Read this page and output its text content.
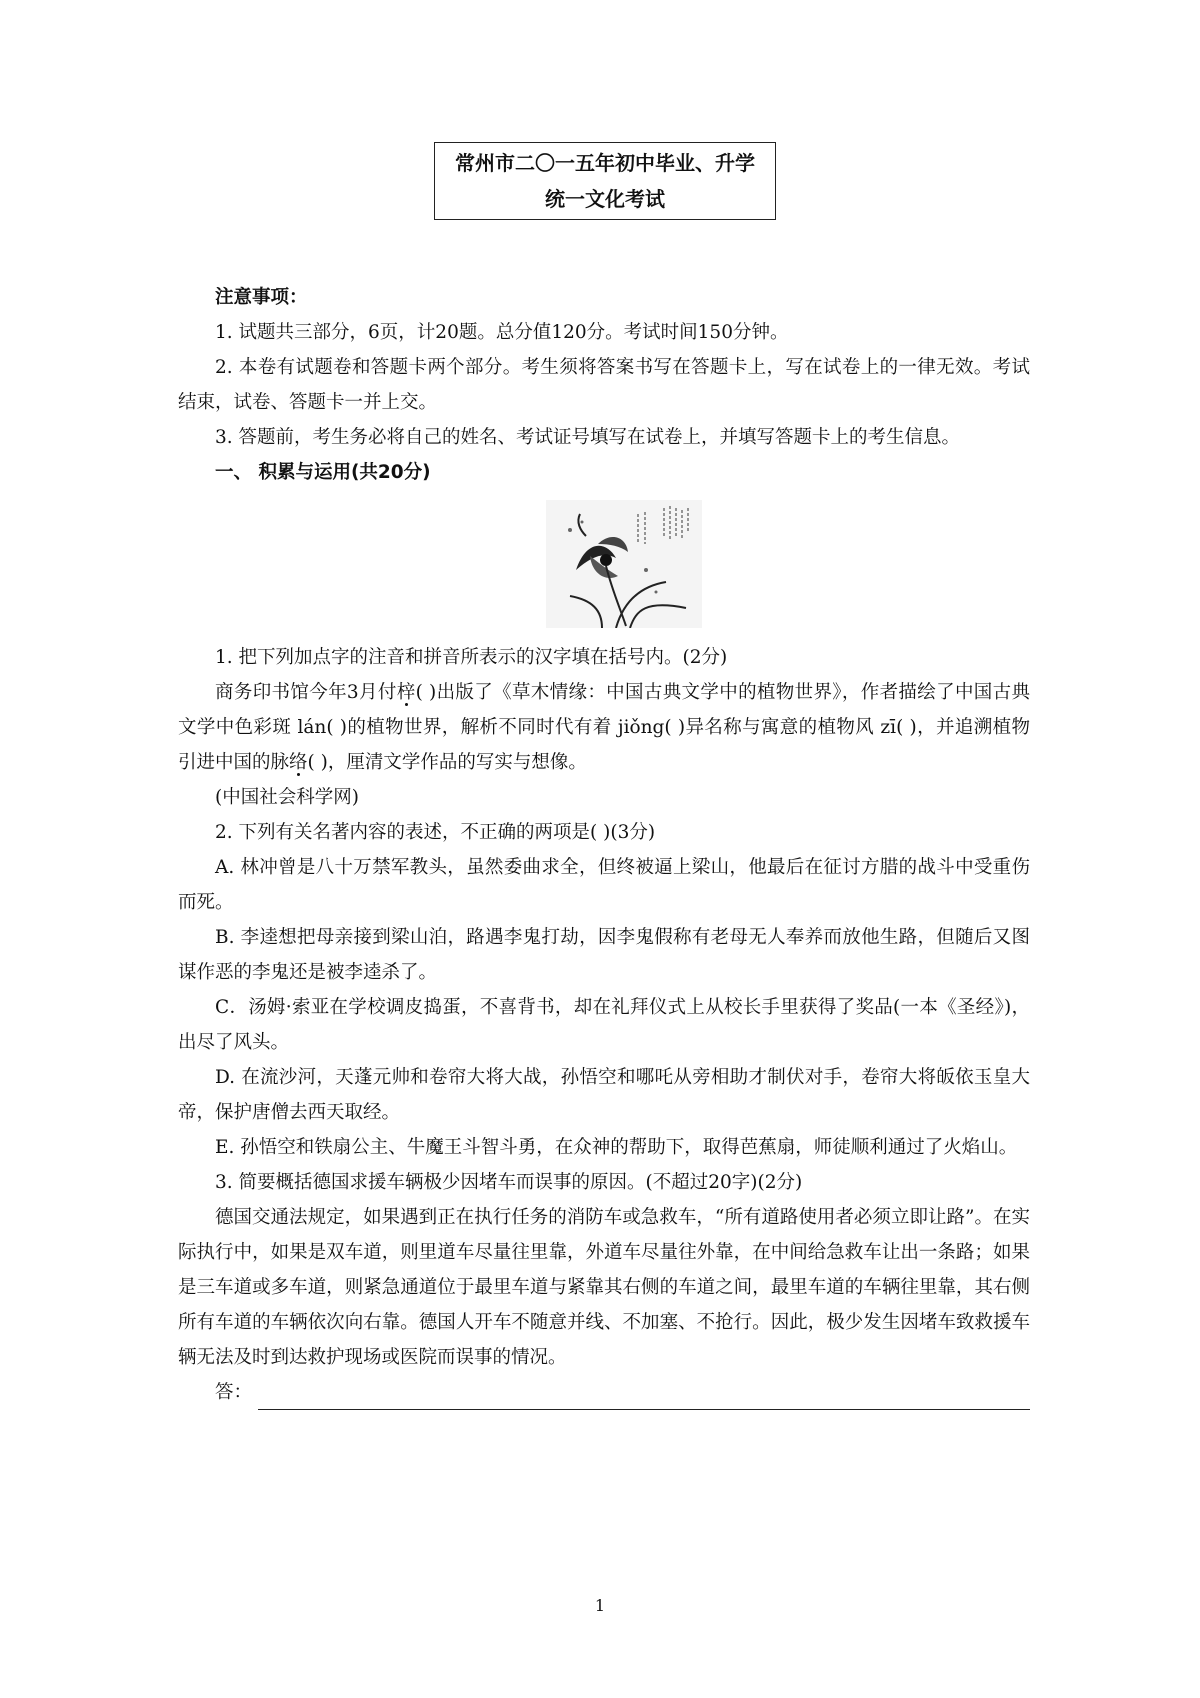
常州市二〇一五年初中毕业、升学
统一文化考试
注意事项：

1. 试题共三部分，6页，计20题。总分值120分。考试时间150分钟。

2. 本卷有试题卷和答题卡两个部分。考生须将答案书写在答题卡上，写在试卷上的一律无效。考试结束，试卷、答题卡一并上交。

3. 答题前，考生务必将自己的姓名、考试证号填写在试卷上，并填写答题卡上的考生信息。

一、 积累与运用(共20分)

1. 把下列加点字的注音和拼音所表示的汉字填在括号内。(2分)

商务印书馆今年3月付梓( )出版了《草木情缘：中国古典文学中的植物世界》，作者描绘了中国古典文学中色彩斑 lán( )的植物世界，解析不同时代有着 jiǒng( )异名称与寓意的植物风 zī( )，并追溯植物引进中国的脉络( )，厘清文学作品的写实与想像。

(中国社会科学网)

2. 下列有关名著内容的表述，不正确的两项是( )(3分)

A. 林冲曾是八十万禁军教头，虽然委曲求全，但终被逼上梁山，他最后在征讨方腊的战斗中受重伤而死。

B. 李逵想把母亲接到梁山泊，路遇李鬼打劫，因李鬼假称有老母无人奉养而放他生路，但随后又图谋作恶的李鬼还是被李逵杀了。

C．汤姆·索亚在学校调皮捣蛋，不喜背书，却在礼拜仪式上从校长手里获得了奖品(一本《圣经》)，出尽了风头。

D. 在流沙河，天蓬元帅和卷帘大将大战，孙悟空和哪吒从旁相助才制伏对手，卷帘大将皈依玉皇大帝，保护唐僧去西天取经。

E. 孙悟空和铁扇公主、牛魔王斗智斗勇，在众神的帮助下，取得芭蕉扇，师徒顺利通过了火焰山。

3. 简要概括德国求援车辆极少因堵车而误事的原因。(不超过20字)(2分)

德国交通法规定，如果遇到正在执行任务的消防车或急救车，“所有道路使用者必须立即让路”。在实际执行中，如果是双车道，则里道车尽量往里靠，外道车尽量往外靠，在中间给急救车让出一条路；如果是三车道或多车道，则紧急通道位于最里车道与紧靠其右侧的车道之间，最里车道的车辆往里靠，其右侧所有车道的车辆依次向右靠。德国人开车不随意并线、不加塞、不抢行。因此，极少发生因堵车致救援车辆无法及时到达救护现场或医院而误事的情况。

答：
1
